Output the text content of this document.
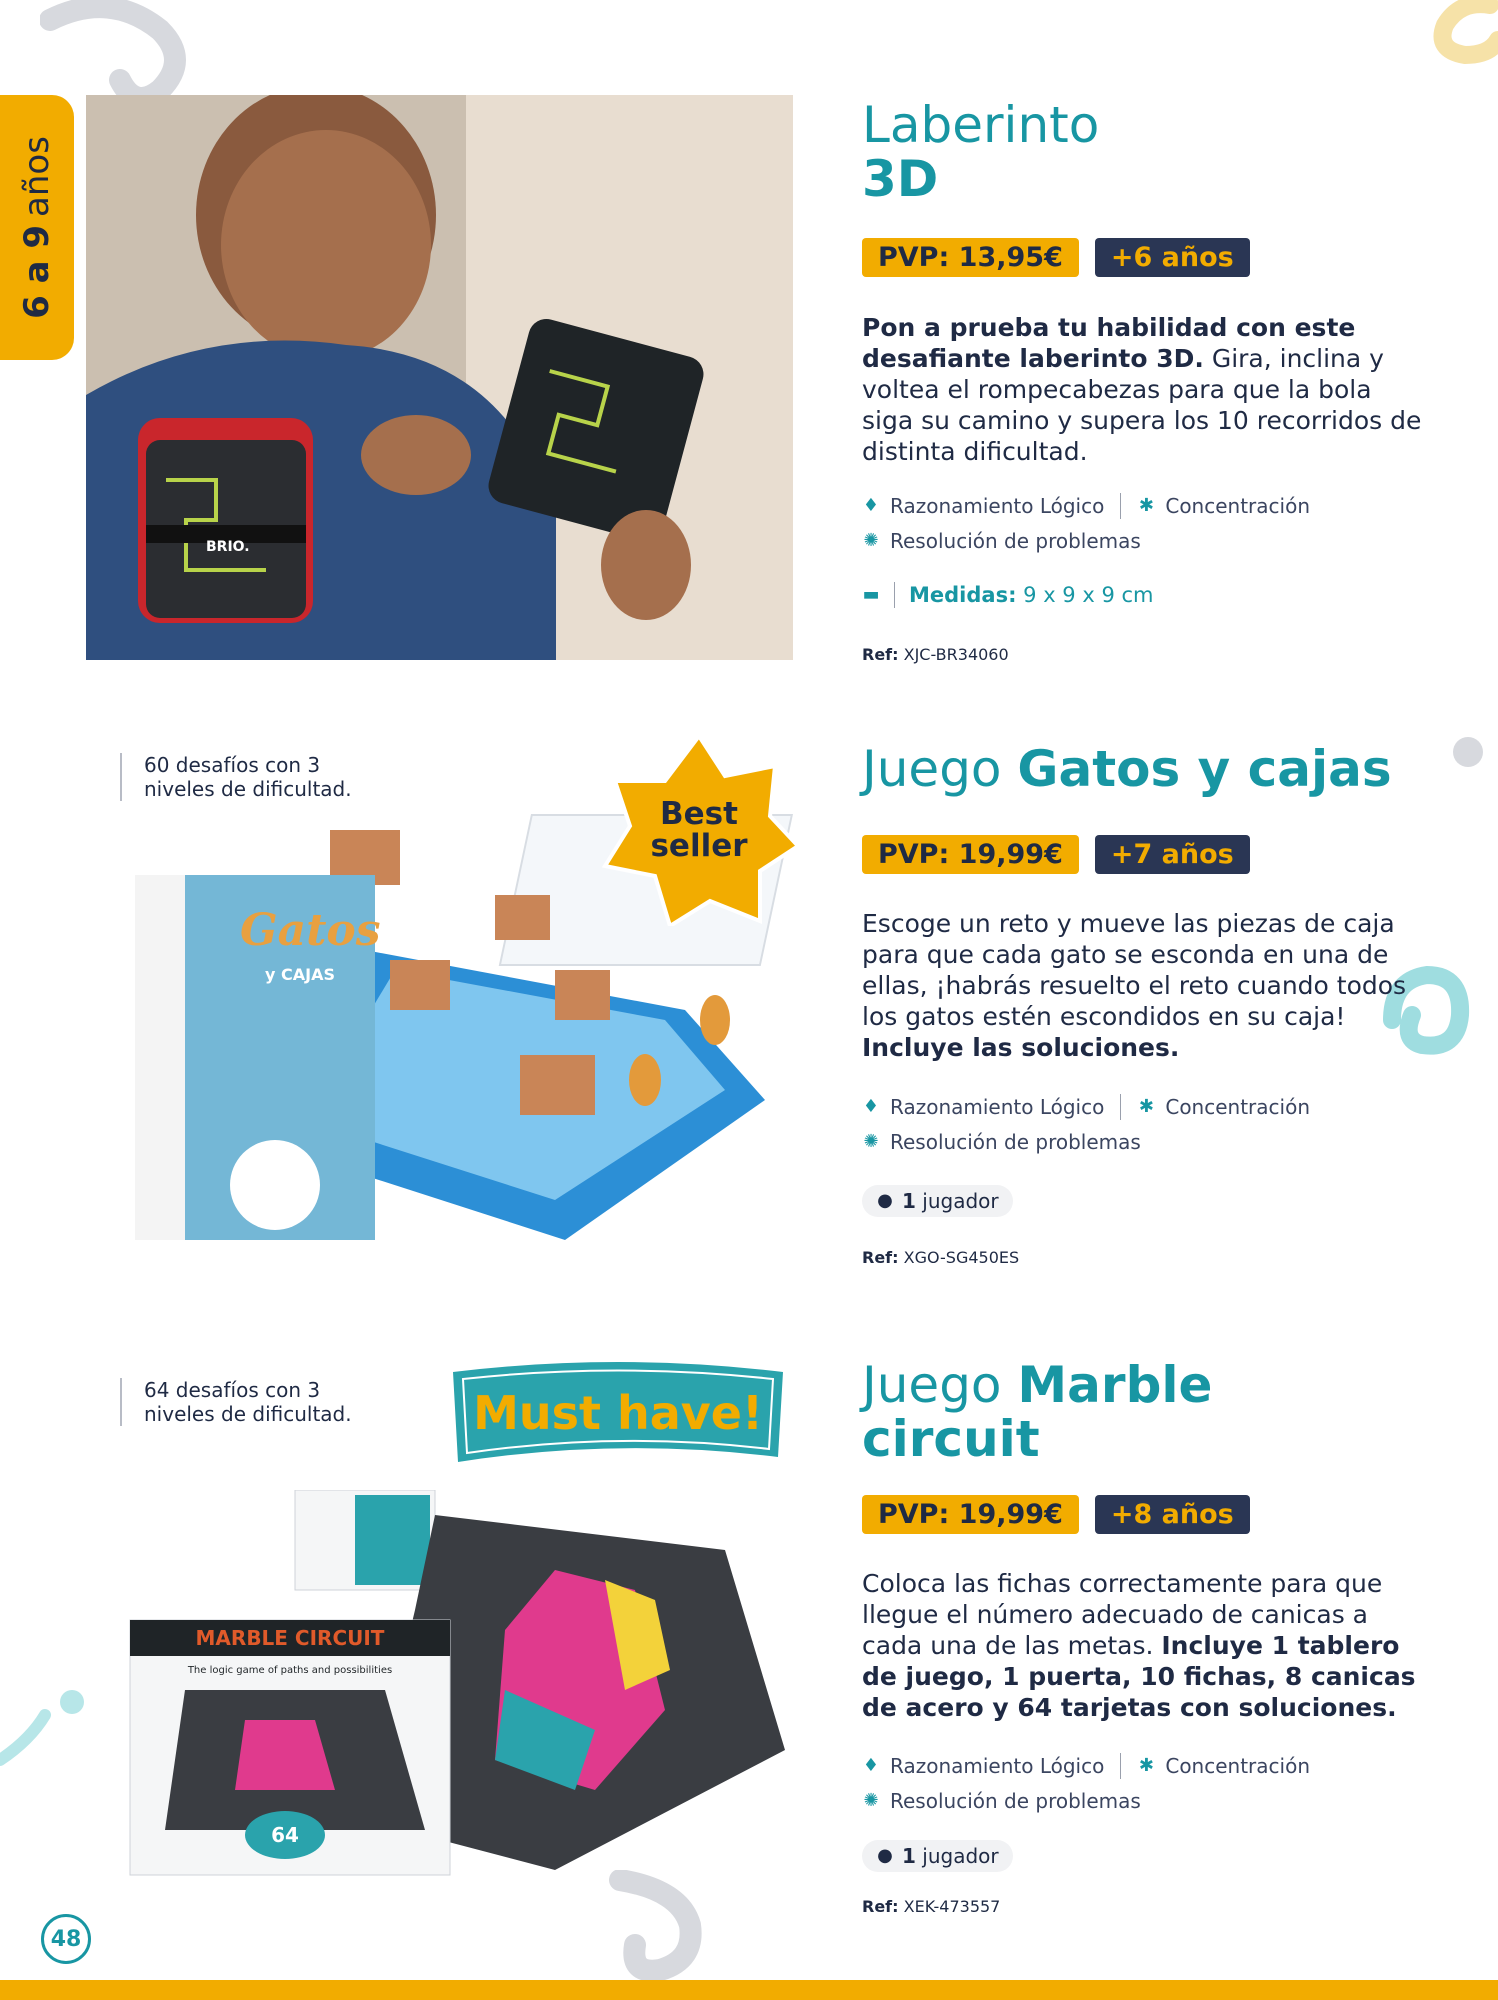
6 a 9
años
BRIO.
Laberinto
3D
PVP: 13,95€	+6 años
Pon a prueba tu habilidad con este desafiante laberinto 3D. Gira, inclina y voltea el rompecabezas para que la bola siga su camino y supera los 10 recorridos de distinta dificultad.
♦ Razonamiento Lógico ✱ Concentración
✺ Resolución de problemas
▬ Medidas: 9 x 9 x 9 cm
Ref: XJC-BR34060
60 desafíos con 3 niveles de dificultad.
Gatos
y CAJAS
Best
seller
Juego Gatos y cajas
PVP: 19,99€	+7 años
Escoge un reto y mueve las piezas de caja para que cada gato se esconda en una de ellas, ¡habrás resuelto el reto cuando todos los gatos estén escondidos en su caja! Incluye las soluciones.
♦ Razonamiento Lógico ✱ Concentración
✺ Resolución de problemas
● 1 jugador
Ref: XGO-SG450ES
64 desafíos con 3 niveles de dificultad.	Must have!
MARBLE CIRCUIT
The logic game of paths and possibilities
64
Juego Marble
circuit
PVP: 19,99€	+8 años
Coloca las fichas correctamente para que llegue el número adecuado de canicas a cada una de las metas. Incluye 1 tablero de juego, 1 puerta, 10 fichas, 8 canicas de acero y 64 tarjetas con soluciones.
♦ Razonamiento Lógico ✱ Concentración
✺ Resolución de problemas
● 1 jugador
Ref: XEK-473557
48
